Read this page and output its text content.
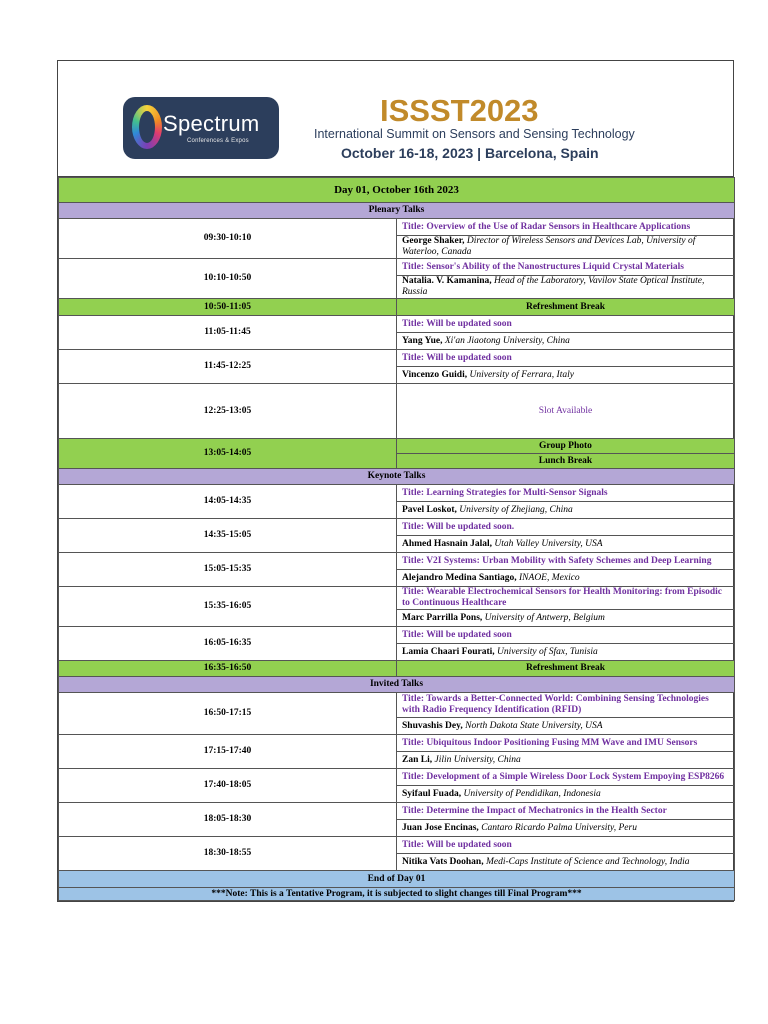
Spectrum
Conferences & Expos
ISSST2023
International Summit on Sensors and Sensing Technology
October 16-18, 2023 | Barcelona, Spain
Day 01, October 16th 2023	
Plenary Talks	
09:30-10:10	Title: Overview of the Use of Radar Sensors in Healthcare Applications
	George Shaker, Director of Wireless Sensors and Devices Lab, University of Waterloo, Canada
10:10-10:50	Title: Sensor's Ability of the Nanostructures Liquid Crystal Materials
	Natalia. V. Kamanina, Head of the Laboratory, Vavilov State Optical Institute, Russia
10:50-11:05	Refreshment Break
11:05-11:45	Title: Will be updated soon
	Yang Yue, Xi'an Jiaotong University, China
11:45-12:25	Title: Will be updated soon
	Vincenzo Guidi, University of Ferrara, Italy
12:25-13:05	Slot Available
13:05-14:05	Group Photo
	Lunch Break
Keynote Talks	
14:05-14:35	Title: Learning Strategies for Multi-Sensor Signals
	Pavel Loskot, University of Zhejiang, China
14:35-15:05	Title: Will be updated soon.
	Ahmed Hasnain Jalal, Utah Valley University, USA
15:05-15:35	Title: V2I Systems: Urban Mobility with Safety Schemes and Deep Learning
	Alejandro Medina Santiago, INAOE, Mexico
15:35-16:05	Title: Wearable Electrochemical Sensors for Health Monitoring: from Episodic to Continuous Healthcare
	Marc Parrilla Pons, University of Antwerp, Belgium
16:05-16:35	Title: Will be updated soon
	Lamia Chaari Fourati, University of Sfax, Tunisia
16:35-16:50	Refreshment Break
Invited Talks	
16:50-17:15	Title: Towards a Better-Connected World: Combining Sensing Technologies with Radio Frequency Identification (RFID)
	Shuvashis Dey, North Dakota State University, USA
17:15-17:40	Title: Ubiquitous Indoor Positioning Fusing MM Wave and IMU Sensors
	Zan Li, Jilin University, China
17:40-18:05	Title: Development of a Simple Wireless Door Lock System Empoying ESP8266
	Syifaul Fuada, University of Pendidikan, Indonesia
18:05-18:30	Title: Determine the Impact of Mechatronics in the Health Sector
	Juan Jose Encinas, Cantaro Ricardo Palma University, Peru
18:30-18:55	Title: Will be updated soon
	Nitika Vats Doohan, Medi-Caps Institute of Science and Technology, India
End of Day 01	
***Note: This is a Tentative Program, it is subjected to slight changes till Final Program***	
